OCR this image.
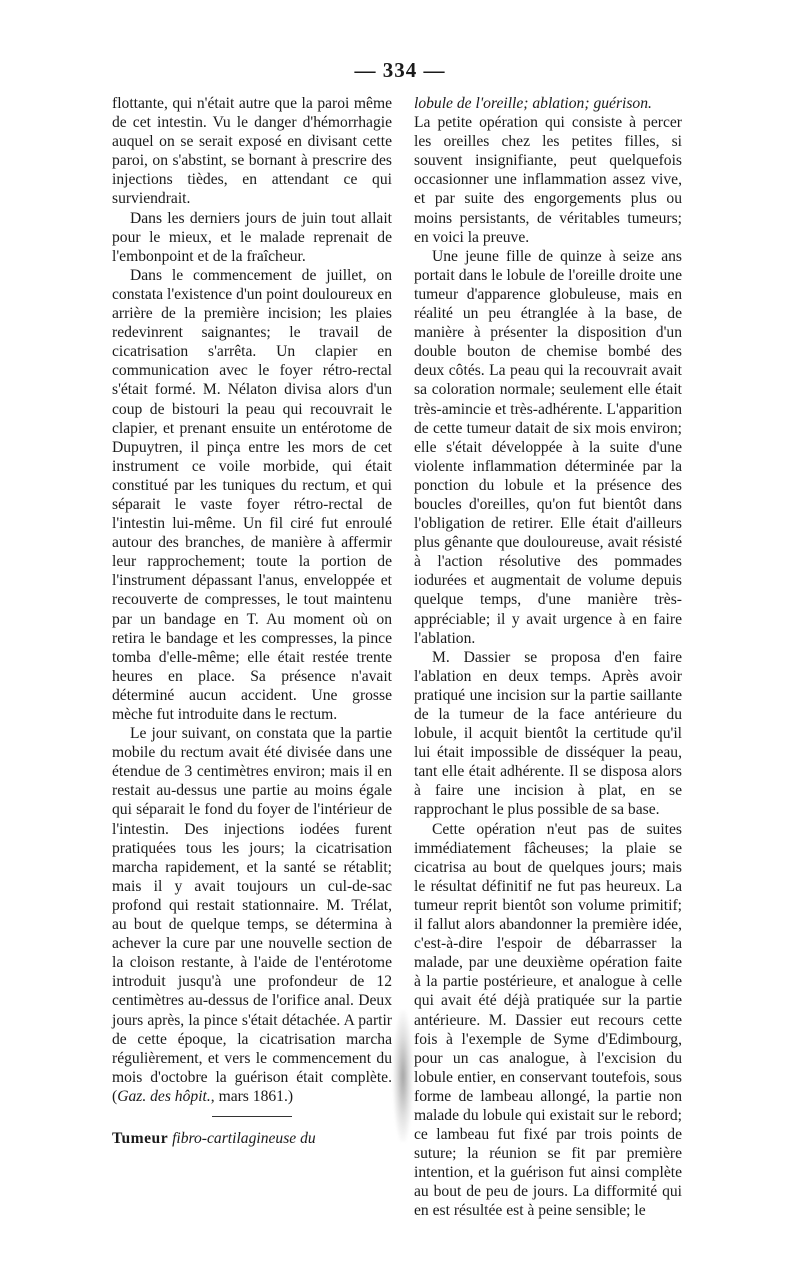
— 334 —

flottante, qui n'était autre que la paroi même de cet intestin. Vu le danger d'hémorrhagie auquel on se serait exposé en divisant cette paroi, on s'abstint, se bornant à prescrire des injections tièdes, en attendant ce qui surviendrait.

Dans les derniers jours de juin tout allait pour le mieux, et le malade reprenait de l'embonpoint et de la fraîcheur.

Dans le commencement de juillet, on constata l'existence d'un point douloureux en arrière de la première incision; les plaies redevinrent saignantes; le travail de cicatrisation s'arrêta. Un clapier en communication avec le foyer rétro-rectal s'était formé. M. Nélaton divisa alors d'un coup de bistouri la peau qui recouvrait le clapier, et prenant ensuite un entérotome de Dupuytren, il pinça entre les mors de cet instrument ce voile morbide, qui était constitué par les tuniques du rectum, et qui séparait le vaste foyer rétro-rectal de l'intestin lui-même. Un fil ciré fut enroulé autour des branches, de manière à affermir leur rapprochement; toute la portion de l'instrument dépassant l'anus, enveloppée et recouverte de compresses, le tout maintenu par un bandage en T. Au moment où on retira le bandage et les compresses, la pince tomba d'elle-même; elle était restée trente heures en place. Sa présence n'avait déterminé aucun accident. Une grosse mèche fut introduite dans le rectum.

Le jour suivant, on constata que la partie mobile du rectum avait été divisée dans une étendue de 3 centimètres environ; mais il en restait au-dessus une partie au moins égale qui séparait le fond du foyer de l'intérieur de l'intestin. Des injections iodées furent pratiquées tous les jours; la cicatrisation marcha rapidement, et la santé se rétablit; mais il y avait toujours un cul-de-sac profond qui restait stationnaire. M. Trélat, au bout de quelque temps, se détermina à achever la cure par une nouvelle section de la cloison restante, à l'aide de l'entérotome introduit jusqu'à une profondeur de 12 centimètres au-dessus de l'orifice anal. Deux jours après, la pince s'était détachée. A partir de cette époque, la cicatrisation marcha régulièrement, et vers le commencement du mois d'octobre la guérison était complète. (Gaz. des hôpit., mars 1861.)

Tumeur fibro-cartilagineuse du

lobule de l'oreille; ablation; guérison.

La petite opération qui consiste à percer les oreilles chez les petites filles, si souvent insignifiante, peut quelquefois occasionner une inflammation assez vive, et par suite des engorgements plus ou moins persistants, de véritables tumeurs; en voici la preuve.

Une jeune fille de quinze à seize ans portait dans le lobule de l'oreille droite une tumeur d'apparence globuleuse, mais en réalité un peu étranglée à la base, de manière à présenter la disposition d'un double bouton de chemise bombé des deux côtés. La peau qui la recouvrait avait sa coloration normale; seulement elle était très-amincie et très-adhérente. L'apparition de cette tumeur datait de six mois environ; elle s'était développée à la suite d'une violente inflammation déterminée par la ponction du lobule et la présence des boucles d'oreilles, qu'on fut bientôt dans l'obligation de retirer. Elle était d'ailleurs plus gênante que douloureuse, avait résisté à l'action résolutive des pommades iodurées et augmentait de volume depuis quelque temps, d'une manière très-appréciable; il y avait urgence à en faire l'ablation.

M. Dassier se proposa d'en faire l'ablation en deux temps. Après avoir pratiqué une incision sur la partie saillante de la tumeur de la face antérieure du lobule, il acquit bientôt la certitude qu'il lui était impossible de disséquer la peau, tant elle était adhérente. Il se disposa alors à faire une incision à plat, en se rapprochant le plus possible de sa base.

Cette opération n'eut pas de suites immédiatement fâcheuses; la plaie se cicatrisa au bout de quelques jours; mais le résultat définitif ne fut pas heureux. La tumeur reprit bientôt son volume primitif; il fallut alors abandonner la première idée, c'est-à-dire l'espoir de débarrasser la malade, par une deuxième opération faite à la partie postérieure, et analogue à celle qui avait été déjà pratiquée sur la partie antérieure. M. Dassier eut recours cette fois à l'exemple de Syme d'Edimbourg, pour un cas analogue, à l'excision du lobule entier, en conservant toutefois, sous forme de lambeau allongé, la partie non malade du lobule qui existait sur le rebord; ce lambeau fut fixé par trois points de suture; la réunion se fit par première intention, et la guérison fut ainsi complète au bout de peu de jours. La difformité qui en est résultée est à peine sensible; le
